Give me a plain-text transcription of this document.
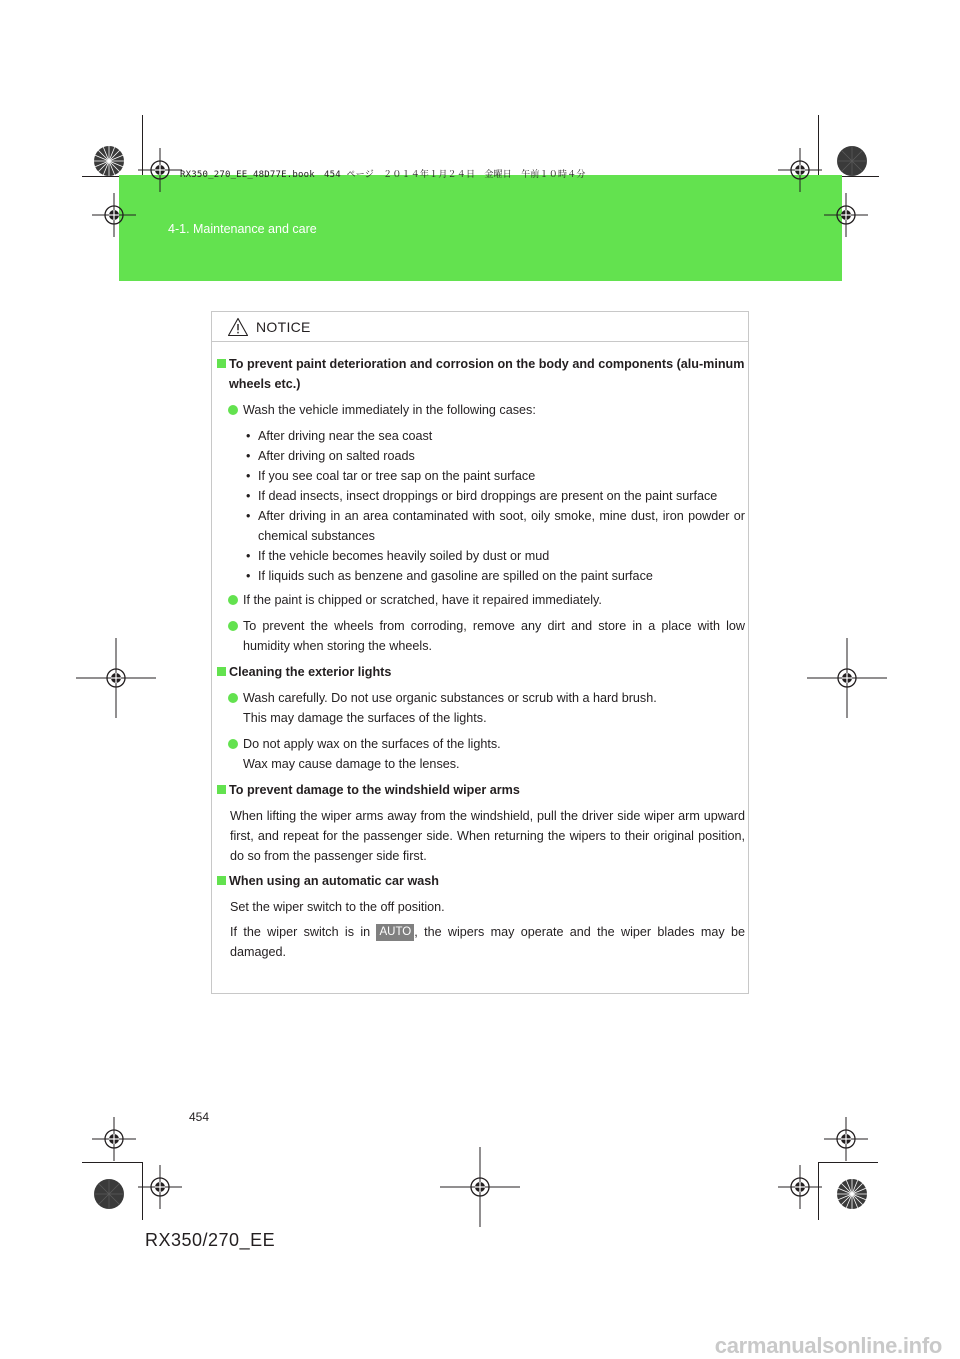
4-1. Maintenance and care
RX350_270_EE_48D77E.book　454 ページ　２０１４年１月２４日　金曜日　午前１０時４分
NOTICE
To prevent paint deterioration and corrosion on the body and components (alu-minum wheels etc.)
Wash the vehicle immediately in the following cases:
• After driving near the sea coast
• After driving on salted roads
• If you see coal tar or tree sap on the paint surface
• If dead insects, insect droppings or bird droppings are present on the paint surface
• After driving in an area contaminated with soot, oily smoke, mine dust, iron powder or chemical substances
• If the vehicle becomes heavily soiled by dust or mud
• If liquids such as benzene and gasoline are spilled on the paint surface
If the paint is chipped or scratched, have it repaired immediately.
To prevent the wheels from corroding, remove any dirt and store in a place with low humidity when storing the wheels.
Cleaning the exterior lights
Wash carefully. Do not use organic substances or scrub with a hard brush.
This may damage the surfaces of the lights.
Do not apply wax on the surfaces of the lights.
Wax may cause damage to the lenses.
To prevent damage to the windshield wiper arms
When lifting the wiper arms away from the windshield, pull the driver side wiper arm upward first, and repeat for the passenger side. When returning the wipers to their original position, do so from the passenger side first.
When using an automatic car wash
Set the wiper switch to the off position.
If the wiper switch is in AUTO , the wipers may operate and the wiper blades may be damaged.
454
RX350/270_EE
carmanualsonline.info
